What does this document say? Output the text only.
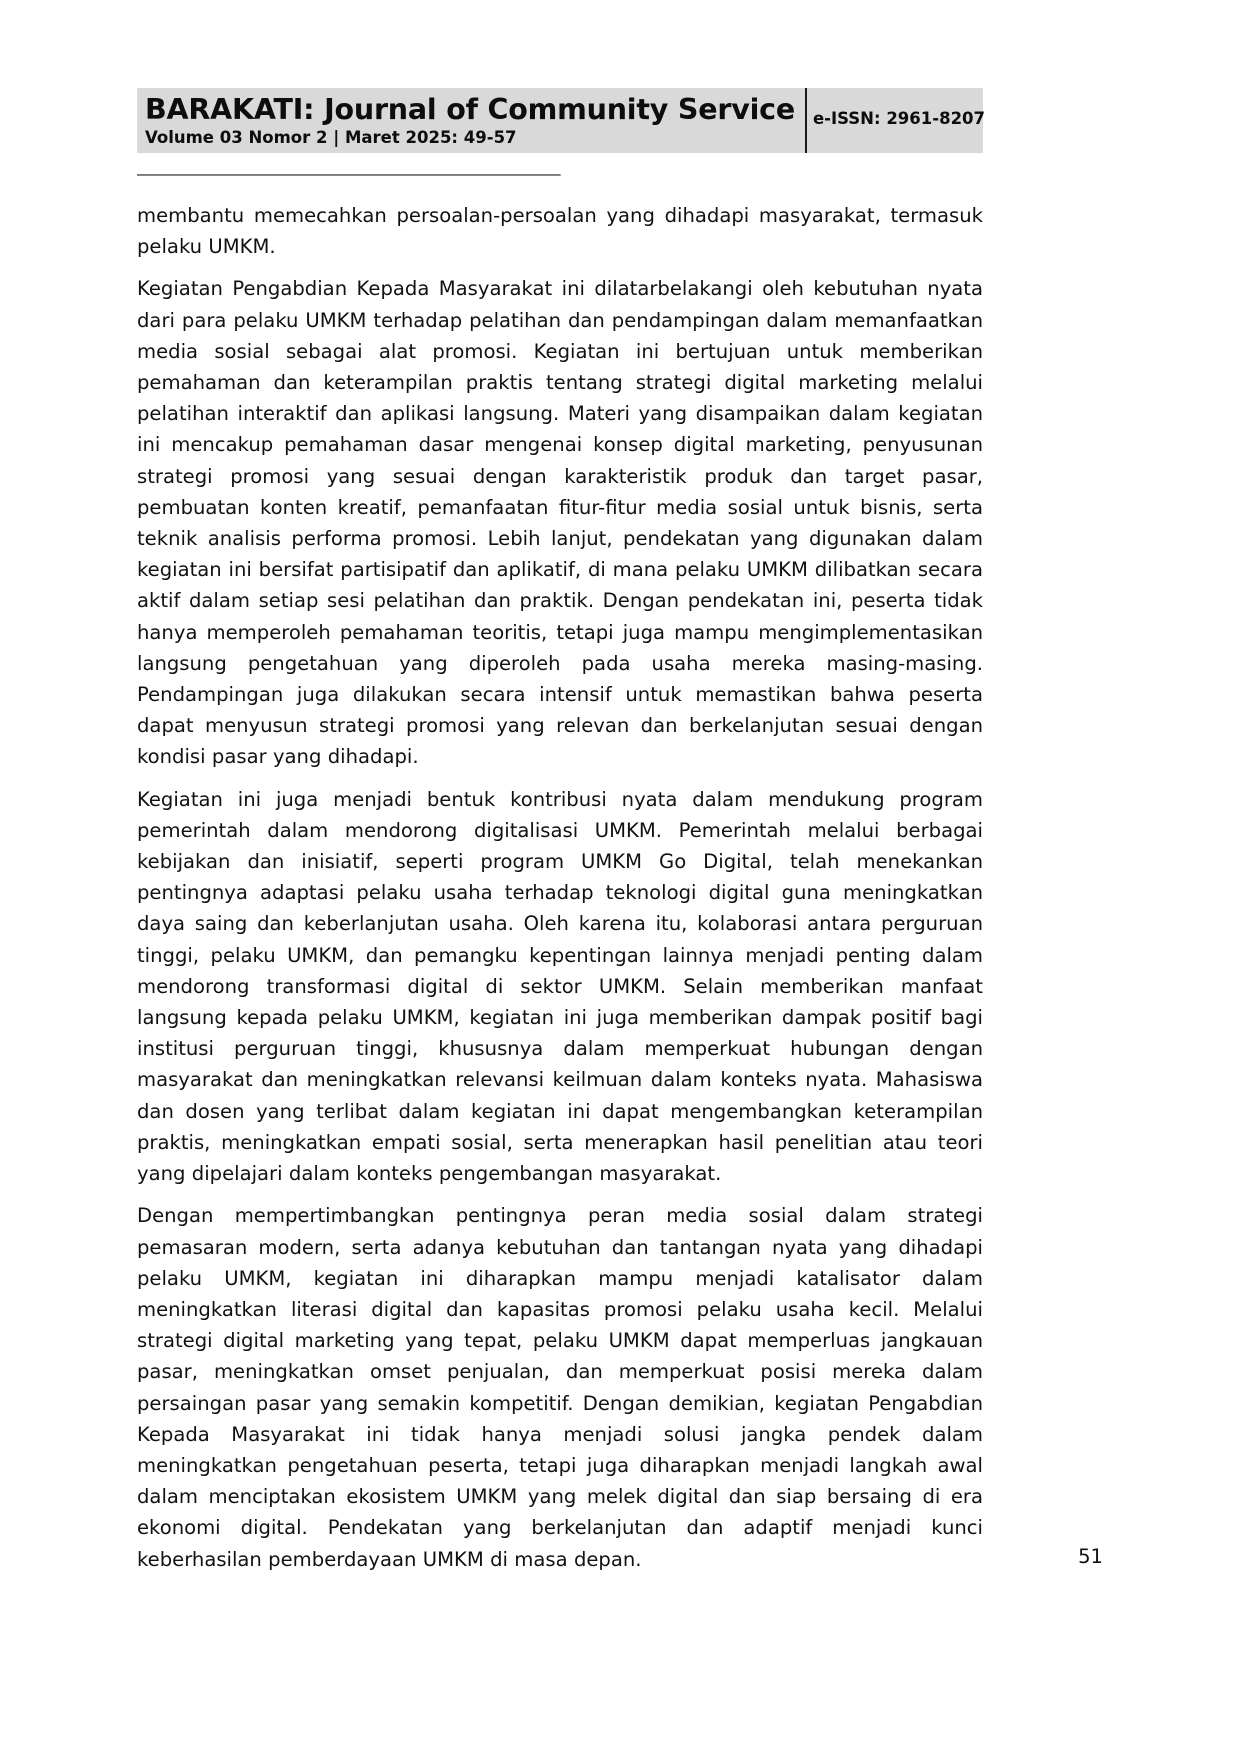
BARAKATI: Journal of Community Service
Volume 03 Nomor 2 | Maret 2025: 49-57
e-ISSN: 2961-8207
————————————————————————————————————————————————————

membantu memecahkan persoalan-persoalan yang dihadapi masyarakat, termasuk pelaku UMKM.

Kegiatan Pengabdian Kepada Masyarakat ini dilatarbelakangi oleh kebutuhan nyata dari para pelaku UMKM terhadap pelatihan dan pendampingan dalam memanfaatkan media sosial sebagai alat promosi. Kegiatan ini bertujuan untuk memberikan pemahaman dan keterampilan praktis tentang strategi digital marketing melalui pelatihan interaktif dan aplikasi langsung. Materi yang disampaikan dalam kegiatan ini mencakup pemahaman dasar mengenai konsep digital marketing, penyusunan strategi promosi yang sesuai dengan karakteristik produk dan target pasar, pembuatan konten kreatif, pemanfaatan fitur-fitur media sosial untuk bisnis, serta teknik analisis performa promosi. Lebih lanjut, pendekatan yang digunakan dalam kegiatan ini bersifat partisipatif dan aplikatif, di mana pelaku UMKM dilibatkan secara aktif dalam setiap sesi pelatihan dan praktik. Dengan pendekatan ini, peserta tidak hanya memperoleh pemahaman teoritis, tetapi juga mampu mengimplementasikan langsung pengetahuan yang diperoleh pada usaha mereka masing-masing. Pendampingan juga dilakukan secara intensif untuk memastikan bahwa peserta dapat menyusun strategi promosi yang relevan dan berkelanjutan sesuai dengan kondisi pasar yang dihadapi.

Kegiatan ini juga menjadi bentuk kontribusi nyata dalam mendukung program pemerintah dalam mendorong digitalisasi UMKM. Pemerintah melalui berbagai kebijakan dan inisiatif, seperti program UMKM Go Digital, telah menekankan pentingnya adaptasi pelaku usaha terhadap teknologi digital guna meningkatkan daya saing dan keberlanjutan usaha. Oleh karena itu, kolaborasi antara perguruan tinggi, pelaku UMKM, dan pemangku kepentingan lainnya menjadi penting dalam mendorong transformasi digital di sektor UMKM. Selain memberikan manfaat langsung kepada pelaku UMKM, kegiatan ini juga memberikan dampak positif bagi institusi perguruan tinggi, khususnya dalam memperkuat hubungan dengan masyarakat dan meningkatkan relevansi keilmuan dalam konteks nyata. Mahasiswa dan dosen yang terlibat dalam kegiatan ini dapat mengembangkan keterampilan praktis, meningkatkan empati sosial, serta menerapkan hasil penelitian atau teori yang dipelajari dalam konteks pengembangan masyarakat.

Dengan mempertimbangkan pentingnya peran media sosial dalam strategi pemasaran modern, serta adanya kebutuhan dan tantangan nyata yang dihadapi pelaku UMKM, kegiatan ini diharapkan mampu menjadi katalisator dalam meningkatkan literasi digital dan kapasitas promosi pelaku usaha kecil. Melalui strategi digital marketing yang tepat, pelaku UMKM dapat memperluas jangkauan pasar, meningkatkan omset penjualan, dan memperkuat posisi mereka dalam persaingan pasar yang semakin kompetitif. Dengan demikian, kegiatan Pengabdian Kepada Masyarakat ini tidak hanya menjadi solusi jangka pendek dalam meningkatkan pengetahuan peserta, tetapi juga diharapkan menjadi langkah awal dalam menciptakan ekosistem UMKM yang melek digital dan siap bersaing di era ekonomi digital. Pendekatan yang berkelanjutan dan adaptif menjadi kunci keberhasilan pemberdayaan UMKM di masa depan.	51
